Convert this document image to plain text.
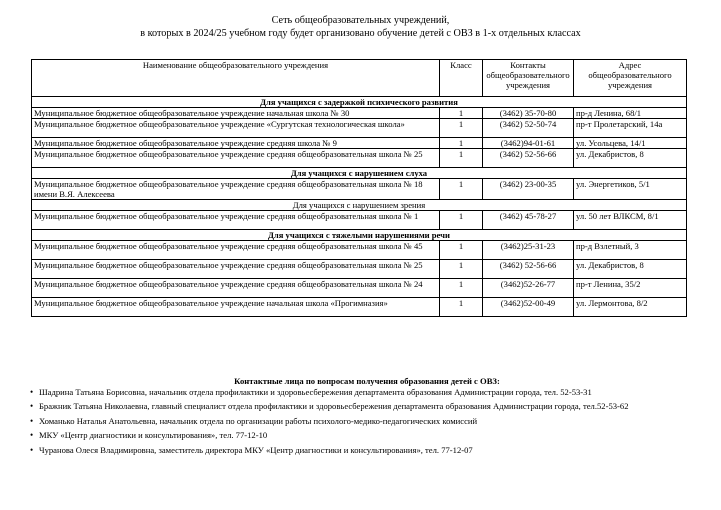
Сеть общеобразовательных учреждений,
в которых в 2024/25 учебном году будет организовано обучение детей с ОВЗ в 1-х отдельных классах
Наименование общеобразовательного учреждения	Класс	Контакты общеобразовательного учреждения	Адрес общеобразовательного учреждения
Для учащихся с задержкой психического развития			
Муниципальное бюджетное общеобразовательное учреждение начальная школа № 30	1	(3462) 35-70-80	пр-д Ленина, 68/1
Муниципальное бюджетное общеобразовательное учреждение «Сургутская технологическая школа»	1	(3462) 52-50-74	пр-т Пролетарский, 14а
Муниципальное бюджетное общеобразовательное учреждение средняя школа № 9	1	(3462)94-01-61	ул. Усольцева, 14/1
Муниципальное бюджетное общеобразовательное учреждение средняя общеобразовательная школа № 25	1	(3462) 52-56-66	ул. Декабристов, 8
Для учащихся с нарушением слуха			
Муниципальное бюджетное общеобразовательное учреждение средняя общеобразовательная школа № 18 имени В.Я. Алексеева	1	(3462) 23-00-35	ул. Энергетиков, 5/1
Для учащихся с нарушением зрения			
Муниципальное бюджетное общеобразовательное учреждение средняя общеобразовательная школа № 1	1	(3462) 45-78-27	ул. 50 лет ВЛКСМ, 8/1
Для учащихся с тяжелыми нарушениями речи			
Муниципальное бюджетное общеобразовательное учреждение средняя общеобразовательная школа № 45	1	(3462)25-31-23	пр-д Взлетный, 3
Муниципальное бюджетное общеобразовательное учреждение средняя общеобразовательная школа № 25	1	(3462) 52-56-66	ул. Декабристов, 8
Муниципальное бюджетное общеобразовательное учреждение средняя общеобразовательная школа № 24	1	(3462)52-26-77	пр-т Ленина, 35/2
Муниципальное бюджетное общеобразовательное учреждение начальная школа «Прогимназия»	1	(3462)52-00-49	ул. Лермонтова, 8/2
Контактные лица по вопросам получения образования детей с ОВЗ:
• Шадрина Татьяна Борисовна, начальник отдела профилактики и здоровьесбережения департамента образования Администрации города, тел. 52-53-31
• Бражник Татьяна Николаевна, главный специалист отдела профилактики и здоровьесбережения департамента образования Администрации города, тел.52-53-62
• Хоманько Наталья Анатольевна, начальник отдела по организации работы психолого-медико-педагогических комиссий
• МКУ «Центр диагностики и консультирования», тел. 77-12-10
• Чуранова Олеся Владимировна, заместитель директора МКУ «Центр диагностики и консультирования», тел. 77-12-07
